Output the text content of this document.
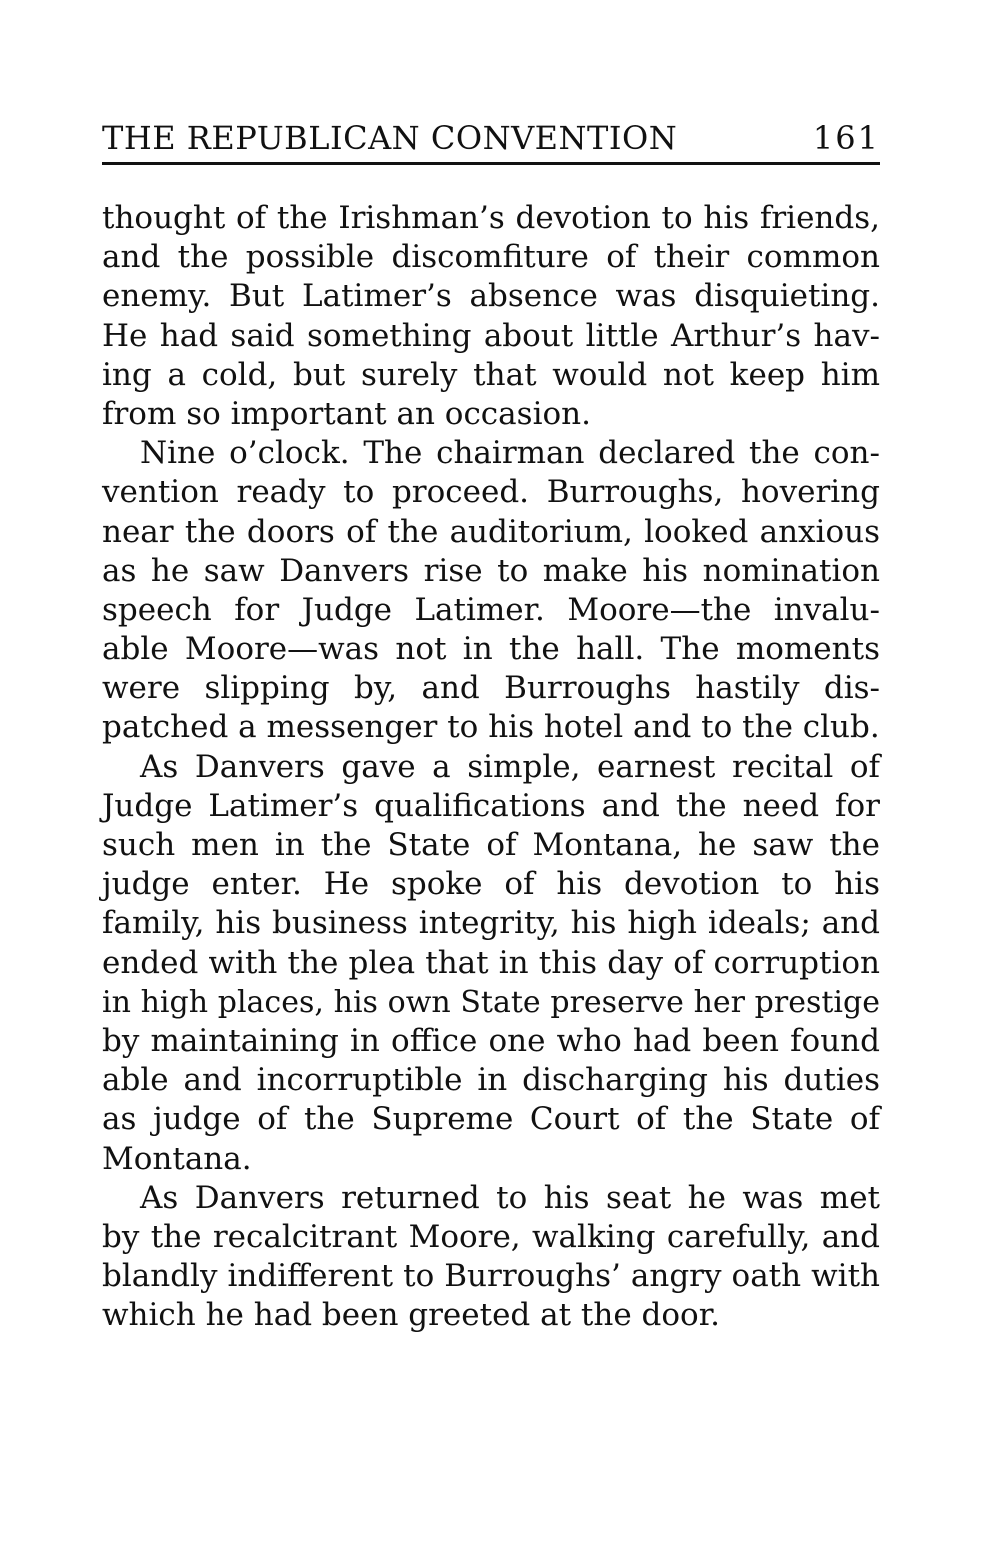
THE REPUBLICAN CONVENTION	161
thought of the Irishman’s devotion to his friends,
and the possible discomfiture of their common
enemy. But Latimer’s absence was disquieting.
He had said something about little Arthur’s hav-
ing a cold, but surely that would not keep him
from so important an occasion.
Nine o’clock. The chairman declared the con-
vention ready to proceed. Burroughs, hovering
near the doors of the auditorium, looked anxious
as he saw Danvers rise to make his nomination
speech for Judge Latimer. Moore—the invalu-
able Moore—was not in the hall. The moments
were slipping by, and Burroughs hastily dis-
patched a messenger to his hotel and to the club.
As Danvers gave a simple, earnest recital of
Judge Latimer’s qualifications and the need for
such men in the State of Montana, he saw the
judge enter. He spoke of his devotion to his
family, his business integrity, his high ideals; and
ended with the plea that in this day of corruption
in high places, his own State preserve her prestige
by maintaining in office one who had been found
able and incorruptible in discharging his duties
as judge of the Supreme Court of the State of
Montana.
As Danvers returned to his seat he was met
by the recalcitrant Moore, walking carefully, and
blandly indifferent to Burroughs’ angry oath with
which he had been greeted at the door.
